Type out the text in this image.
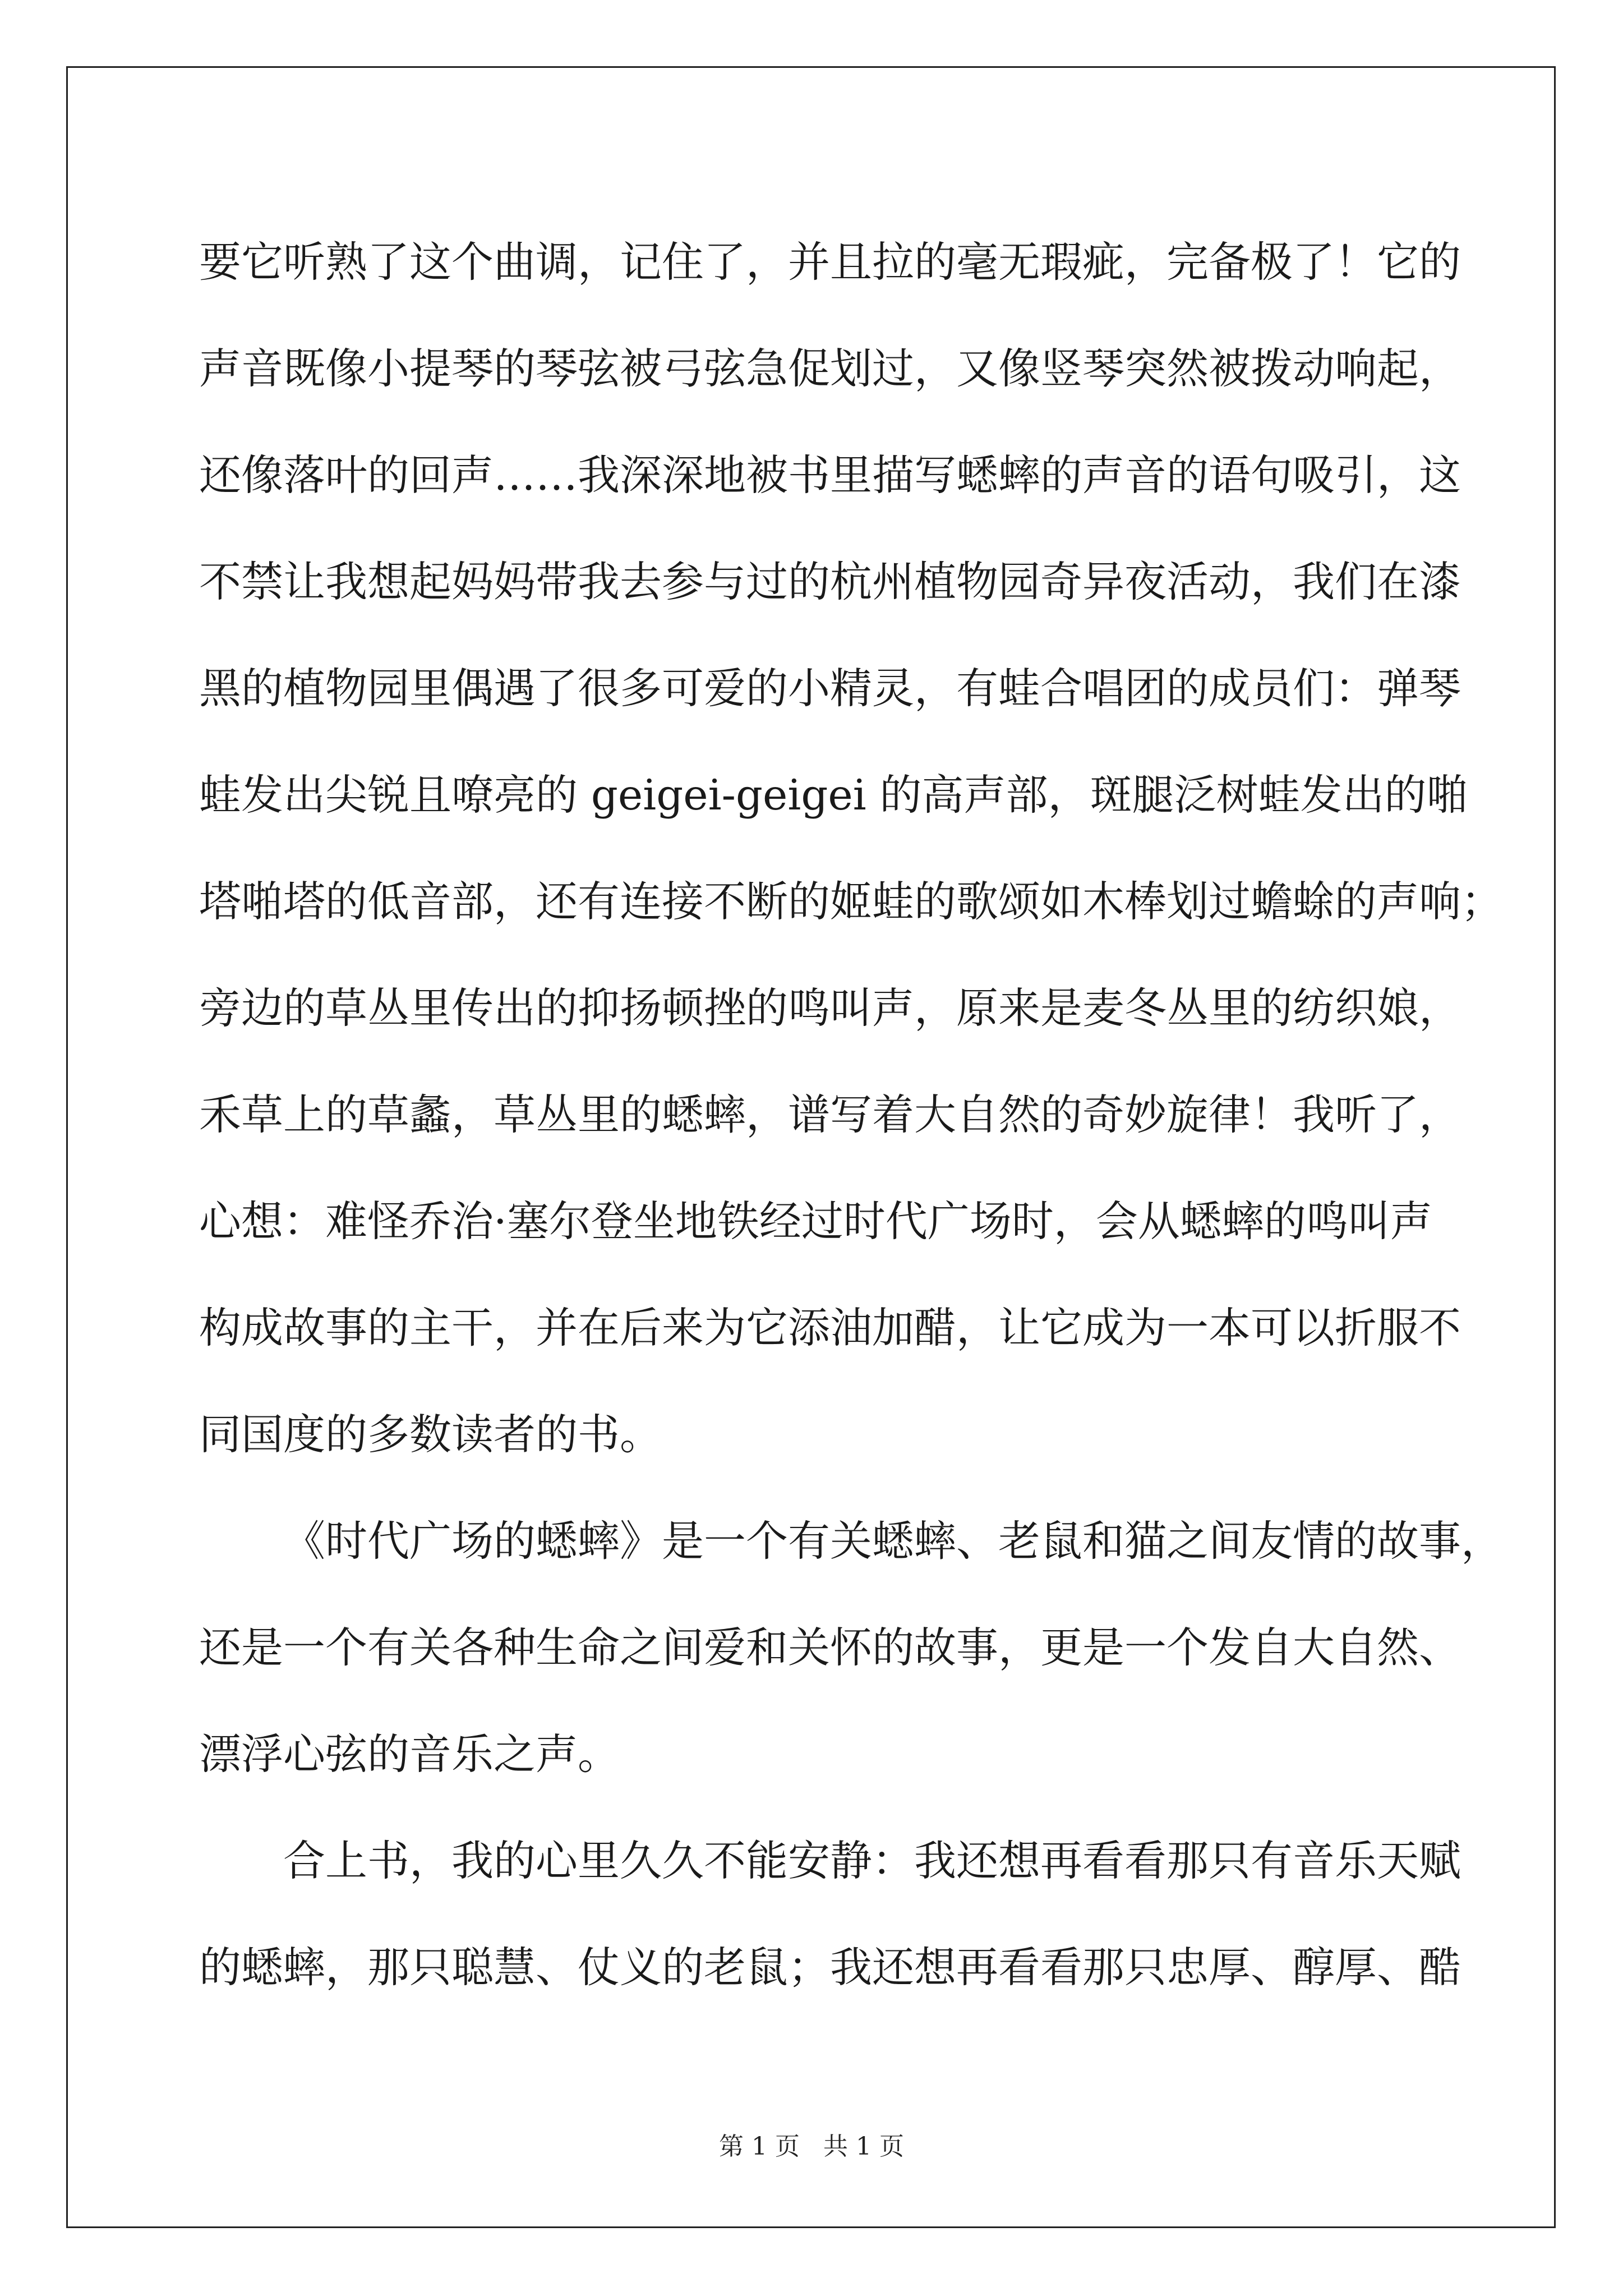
要它听熟了这个曲调，记住了，并且拉的毫无瑕疵，完备极了！它的
声音既像小提琴的琴弦被弓弦急促划过，又像竖琴突然被拨动响起，
还像落叶的回声……我深深地被书里描写蟋蟀的声音的语句吸引，这
不禁让我想起妈妈带我去参与过的杭州植物园奇异夜活动，我们在漆
黑的植物园里偶遇了很多可爱的小精灵，有蛙合唱团的成员们：弹琴
蛙发出尖锐且嘹亮的 geigei-geigei 的高声部，斑腿泛树蛙发出的啪
塔啪塔的低音部，还有连接不断的姬蛙的歌颂如木棒划过蟾蜍的声响；
旁边的草丛里传出的抑扬顿挫的鸣叫声，原来是麦冬丛里的纺织娘，
禾草上的草蠡，草丛里的蟋蟀，谱写着大自然的奇妙旋律！我听了，
心想：难怪乔治·塞尔登坐地铁经过时代广场时，会从蟋蟀的鸣叫声
构成故事的主干，并在后来为它添油加醋，让它成为一本可以折服不
同国度的多数读者的书。
《时代广场的蟋蟀》是一个有关蟋蟀、老鼠和猫之间友情的故事，
还是一个有关各种生命之间爱和关怀的故事，更是一个发自大自然、
漂浮心弦的音乐之声。
合上书，我的心里久久不能安静：我还想再看看那只有音乐天赋
的蟋蟀，那只聪慧、仗义的老鼠；我还想再看看那只忠厚、醇厚、酷
第 1 页 共 1 页
